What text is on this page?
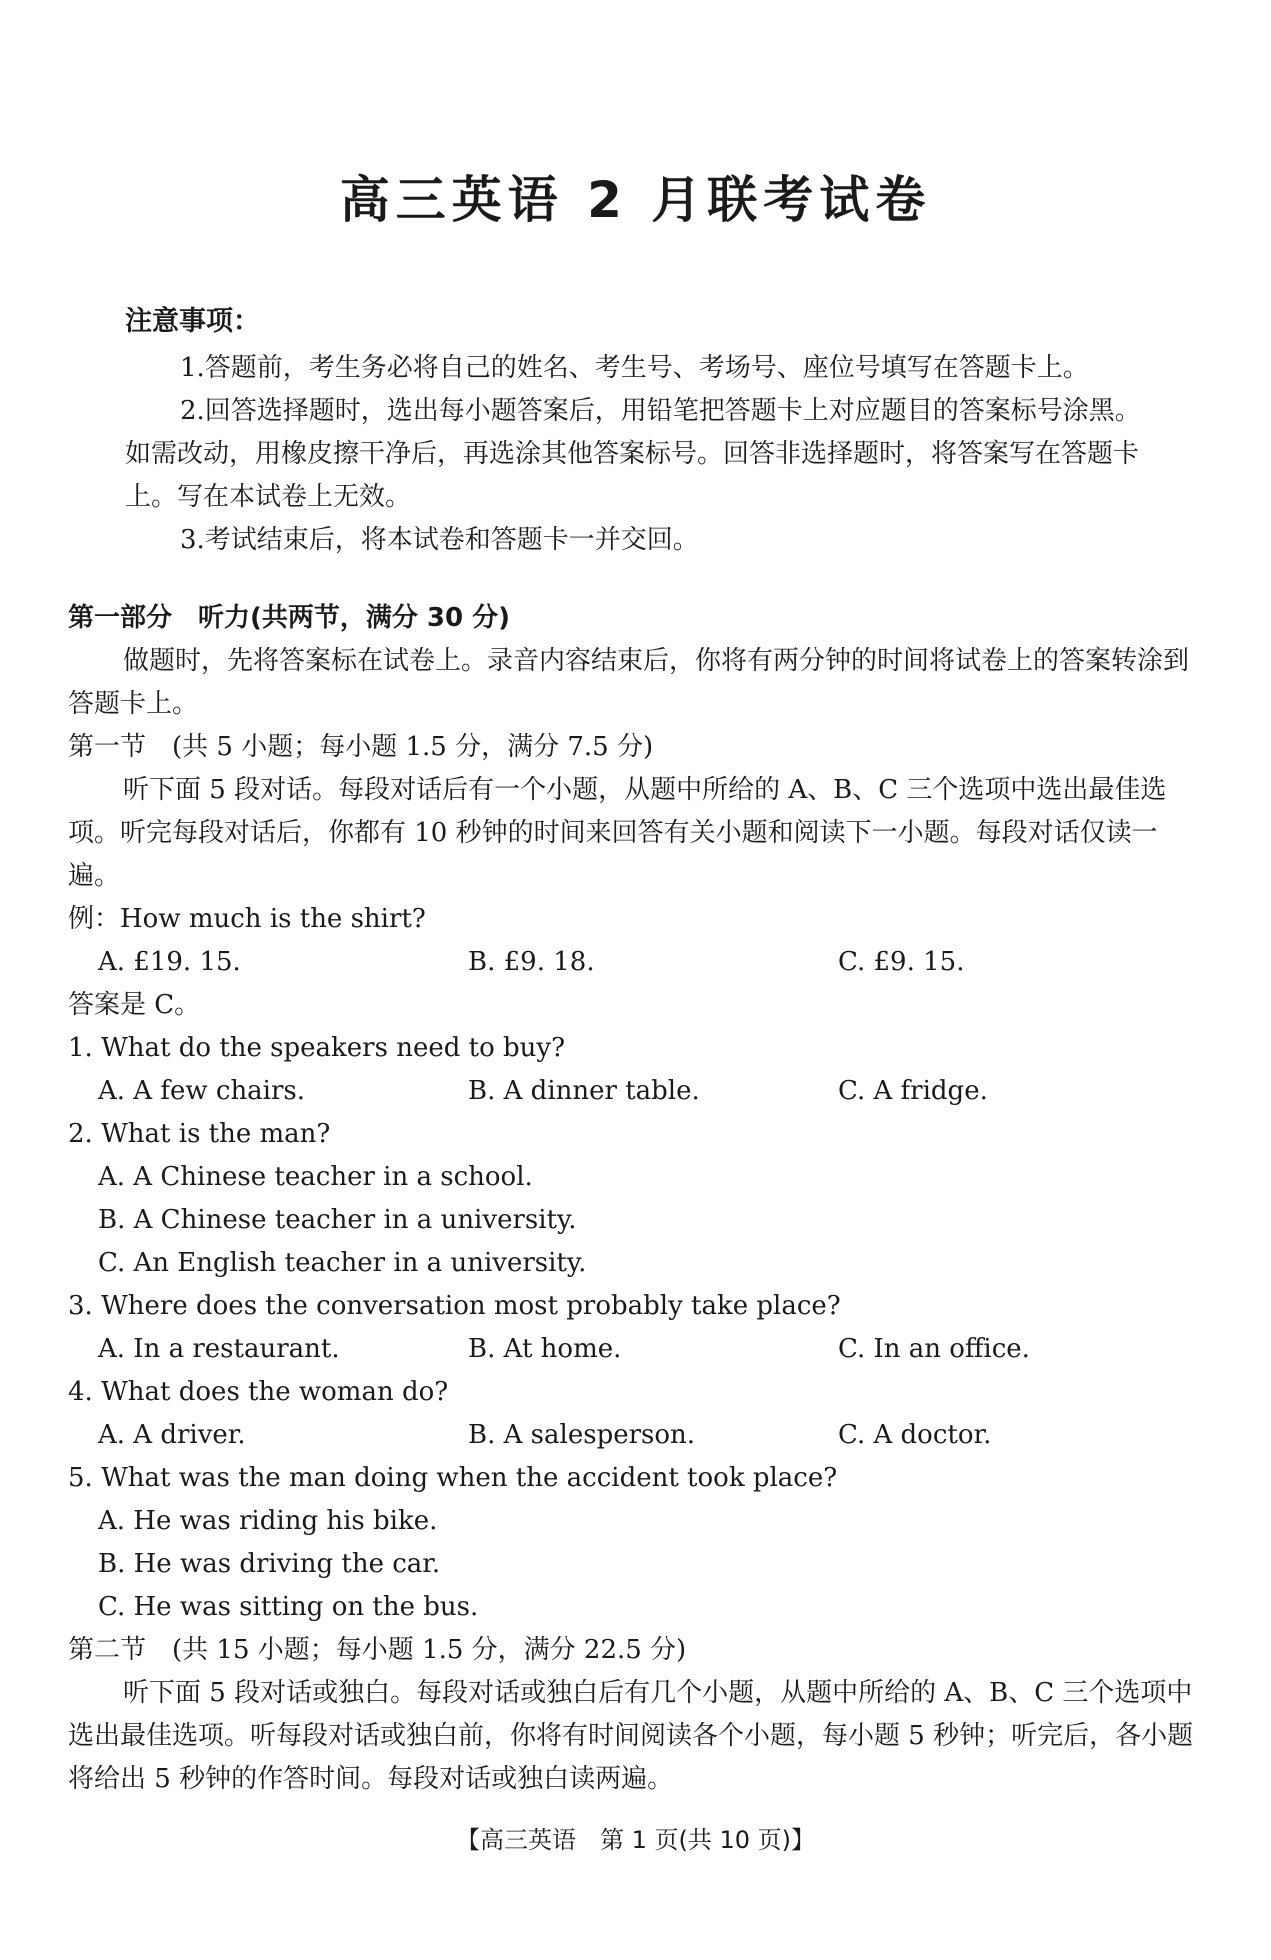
高三英语 2 月联考试卷
注意事项：
1.答题前，考生务必将自己的姓名、考生号、考场号、座位号填写在答题卡上。
2.回答选择题时，选出每小题答案后，用铅笔把答题卡上对应题目的答案标号涂黑。如需改动，用橡皮擦干净后，再选涂其他答案标号。回答非选择题时，将答案写在答题卡上。写在本试卷上无效。
3.考试结束后，将本试卷和答题卡一并交回。
第一部分　听力(共两节，满分 30 分)
做题时，先将答案标在试卷上。录音内容结束后，你将有两分钟的时间将试卷上的答案转涂到答题卡上。
第一节　(共 5 小题；每小题 1.5 分，满分 7.5 分)
听下面 5 段对话。每段对话后有一个小题，从题中所给的 A、B、C 三个选项中选出最佳选项。听完每段对话后，你都有 10 秒钟的时间来回答有关小题和阅读下一小题。每段对话仅读一遍。
例：How much is the shirt?
A. £19. 15.	B. £9. 18.	C. £9. 15.
答案是 C。
1. What do the speakers need to buy?
A. A few chairs.	B. A dinner table.	C. A fridge.
2. What is the man?
A. A Chinese teacher in a school.
B. A Chinese teacher in a university.
C. An English teacher in a university.
3. Where does the conversation most probably take place?
A. In a restaurant.	B. At home.	C. In an office.
4. What does the woman do?
A. A driver.	B. A salesperson.	C. A doctor.
5. What was the man doing when the accident took place?
A. He was riding his bike.
B. He was driving the car.
C. He was sitting on the bus.
第二节　(共 15 小题；每小题 1.5 分，满分 22.5 分)
听下面 5 段对话或独白。每段对话或独白后有几个小题，从题中所给的 A、B、C 三个选项中选出最佳选项。听每段对话或独白前，你将有时间阅读各个小题，每小题 5 秒钟；听完后，各小题将给出 5 秒钟的作答时间。每段对话或独白读两遍。
【高三英语　第 1 页(共 10 页)】
